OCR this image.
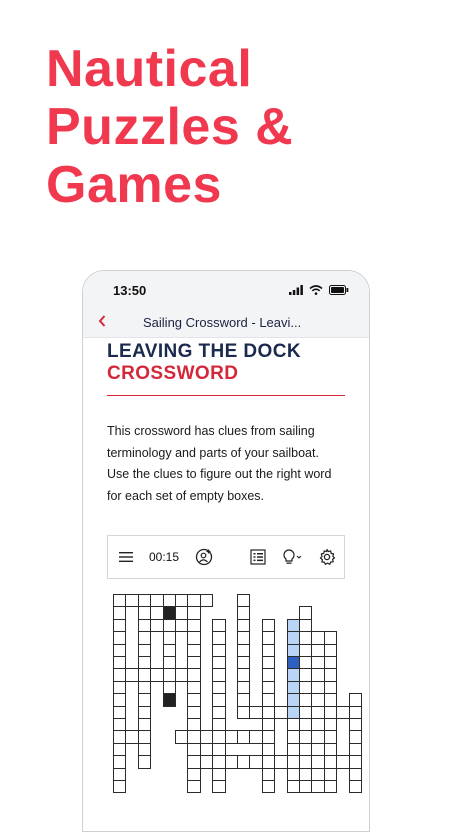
Nautical
Puzzles &
Games
13:50
Sailing Crossword - Leavi...
LEAVING THE DOCK
CROSSWORD
This crossword has clues from sailing terminology and parts of your sailboat. Use the clues to figure out the right word for each set of empty boxes.
00:15
